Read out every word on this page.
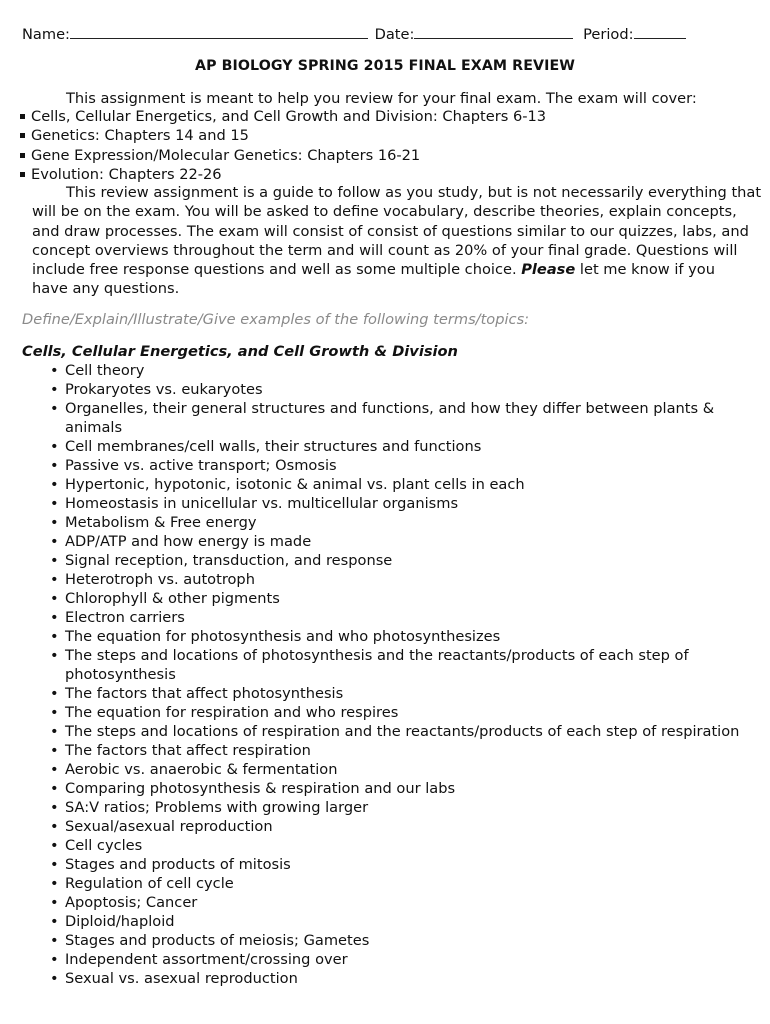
Name:	Date:	Period:
AP BIOLOGY SPRING 2015 FINAL EXAM REVIEW
This assignment is meant to help you review for your final exam. The exam will cover:
Cells, Cellular Energetics, and Cell Growth and Division: Chapters 6-13
Genetics: Chapters 14 and 15
Gene Expression/Molecular Genetics: Chapters 16-21
Evolution: Chapters 22-26
This review assignment is a guide to follow as you study, but is not necessarily everything that
will be on the exam. You will be asked to define vocabulary, describe theories, explain concepts,
and draw processes. The exam will consist of consist of questions similar to our quizzes, labs, and
concept overviews throughout the term and will count as 20% of your final grade. Questions will
include free response questions and well as some multiple choice. Please let me know if you
have any questions.
Define/Explain/Illustrate/Give examples of the following terms/topics:
Cells, Cellular Energetics, and Cell Growth & Division
• Cell theory
• Prokaryotes vs. eukaryotes
• Organelles, their general structures and functions, and how they differ between plants &
animals
• Cell membranes/cell walls, their structures and functions
• Passive vs. active transport; Osmosis
• Hypertonic, hypotonic, isotonic & animal vs. plant cells in each
• Homeostasis in unicellular vs. multicellular organisms
• Metabolism & Free energy
• ADP/ATP and how energy is made
• Signal reception, transduction, and response
• Heterotroph vs. autotroph
• Chlorophyll & other pigments
• Electron carriers
• The equation for photosynthesis and who photosynthesizes
• The steps and locations of photosynthesis and the reactants/products of each step of
photosynthesis
• The factors that affect photosynthesis
• The equation for respiration and who respires
• The steps and locations of respiration and the reactants/products of each step of respiration
• The factors that affect respiration
• Aerobic vs. anaerobic & fermentation
• Comparing photosynthesis & respiration and our labs
• SA:V ratios; Problems with growing larger
• Sexual/asexual reproduction
• Cell cycles
• Stages and products of mitosis
• Regulation of cell cycle
• Apoptosis; Cancer
• Diploid/haploid
• Stages and products of meiosis; Gametes
• Independent assortment/crossing over
• Sexual vs. asexual reproduction
